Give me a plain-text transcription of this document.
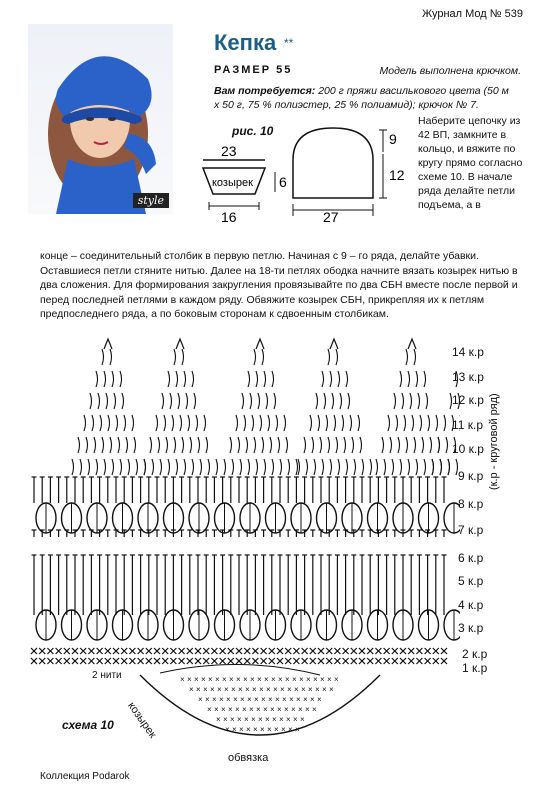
Журнал Мод № 539
style
Кепка **
РАЗМЕР 55	Модель выполнена крючком.
Вам потребуется: 200 г пряжи василькового цвета (50 м х 50 г, 75 % полиэстер, 25 % полиамид); крючок № 7.
рис. 10
23
козырек 6
16
9
12
27
Наберите цепочку из 42 ВП, замкните в кольцо, и вяжите по кругу прямо согласно схеме 10. В начале ряда делайте петли подъема, а в
конце – соединительный столбик в первую петлю. Начиная с 9 – го ряда, делайте убавки. Оставшиеся петли стяните нитью. Далее на 18-ти петлях ободка начните вязать козырек нитью в два сложения. Для формирования закругления провязывайте по два СБН вместе после первой и перед последней петлями в каждом ряду. Обвяжите козырек СБН, прикрепляя их к петлям предпоследнего ряда, а по боковым сторонам к сдвоенным столбикам.
× × × × × × × × × × × × × × × × × × × × × × ×
× × × × × × × × × × × × × × × × × × × × ×
× × × × × × × × × × × × × × × × × ×
× × × × × × × × × × × × × × × ×
× × × × × × × × × × × × ×
× × × × × × × × × × ×
14 к.р
13 к.р
12 к.р
11 к.р
10 к.р
9 к.р
8 к.р
7 к.р
6 к.р
5 к.р
4 к.р
3 к.р
2 к.р
1 к.р
(к.р - круговой ряд)
2 нити
козырек
обвязка
схема 10
Коллекция Podarok
